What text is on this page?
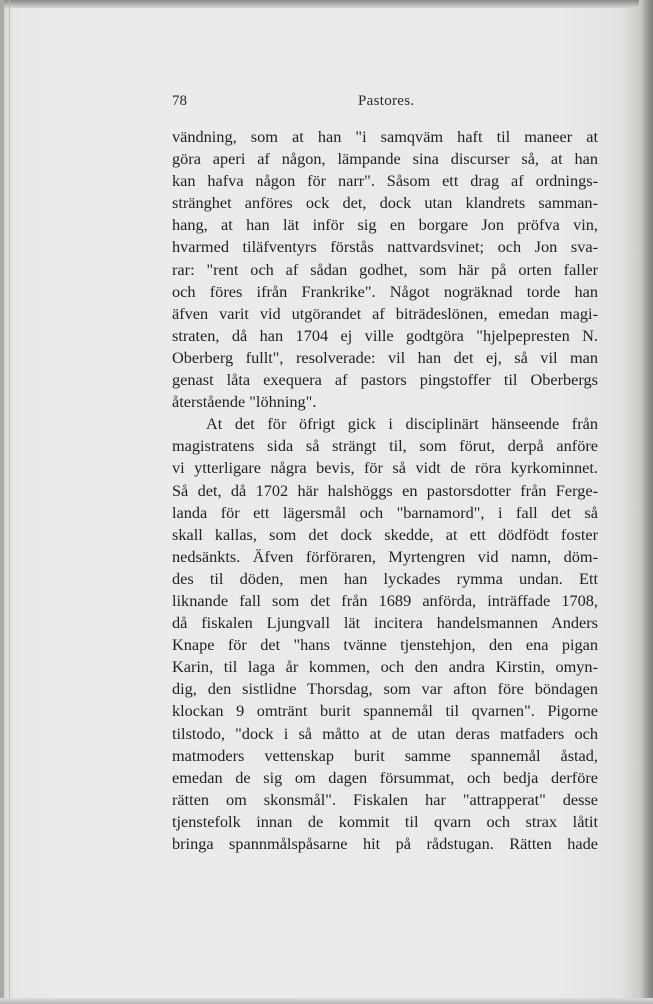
78	Pastores.
vändning, som at han "i samqväm haft til maneer at
göra aperi af någon, lämpande sina discurser så, at han
kan hafva någon för narr". Såsom ett drag af ordnings-
stränghet anföres ock det, dock utan klandrets samman-
hang, at han lät inför sig en borgare Jon pröfva vin,
hvarmed tiläfventyrs förstås nattvardsvinet; och Jon sva-
rar: "rent och af sådan godhet, som här på orten faller
och föres ifrån Frankrike". Något nogräknad torde han
äfven varit vid utgörandet af biträdeslönen, emedan magi-
straten, då han 1704 ej ville godtgöra "hjelpepresten N.
Oberberg fullt", resolverade: vil han det ej, så vil man
genast låta exequera af pastors pingstoffer til Oberbergs
återstående "löhning".
At det för öfrigt gick i disciplinärt hänseende från
magistratens sida så strängt til, som förut, derpå anföre
vi ytterligare några bevis, för så vidt de röra kyrkominnet.
Så det, då 1702 här halshöggs en pastorsdotter från Ferge-
landa för ett lägersmål och "barnamord", i fall det så
skall kallas, som det dock skedde, at ett dödfödt foster
nedsänkts. Äfven förföraren, Myrtengren vid namn, döm-
des til döden, men han lyckades rymma undan. Ett
liknande fall som det från 1689 anförda, inträffade 1708,
då fiskalen Ljungvall lät incitera handelsmannen Anders
Knape för det "hans tvänne tjenstehjon, den ena pigan
Karin, til laga år kommen, och den andra Kirstin, omyn-
dig, den sistlidne Thorsdag, som var afton före böndagen
klockan 9 omtränt burit spannemål til qvarnen". Pigorne
tilstodo, "dock i så måtto at de utan deras matfaders och
matmoders vettenskap burit samme spannemål åstad,
emedan de sig om dagen försummat, och bedja derföre
rätten om skonsmål". Fiskalen har "attrapperat" desse
tjenstefolk innan de kommit til qvarn och strax låtit
bringa spannmålspåsarne hit på rådstugan. Rätten hade
